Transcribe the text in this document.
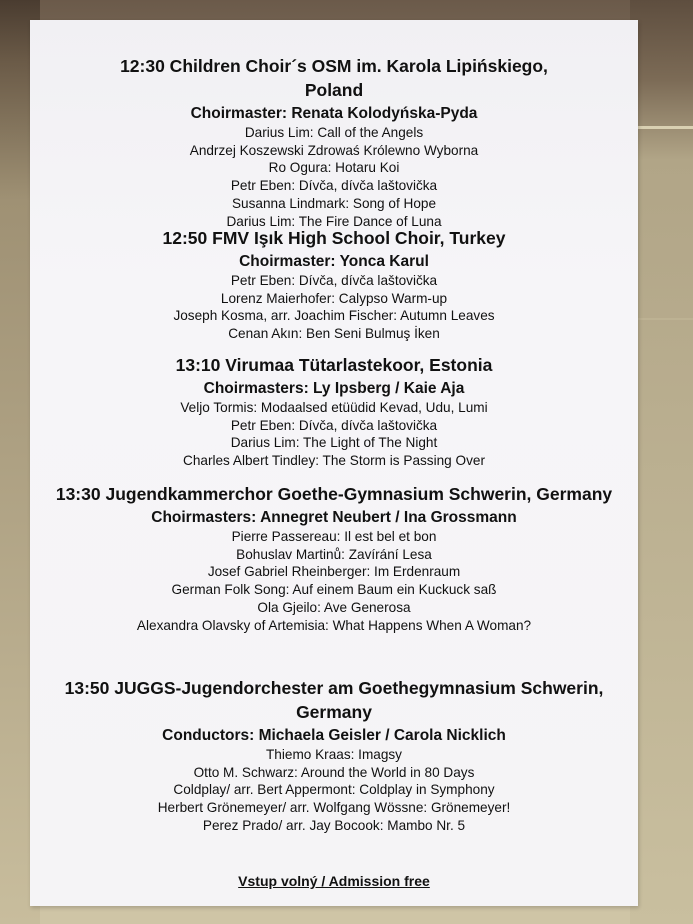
12:30 Children Choir´s OSM im. Karola Lipińskiego, Poland
Choirmaster: Renata Kolodyńska-Pyda
Darius Lim: Call of the Angels
Andrzej Koszewski Zdrowaś Królewno Wyborna
Ro Ogura: Hotaru Koi
Petr Eben: Dívča, dívča laštovička
Susanna Lindmark: Song of Hope
Darius Lim: The Fire Dance of Luna
12:50 FMV Işık High School Choir, Turkey
Choirmaster: Yonca Karul
Petr Eben: Dívča, dívča laštovička
Lorenz Maierhofer: Calypso Warm-up
Joseph Kosma, arr. Joachim Fischer: Autumn Leaves
Cenan Akın: Ben Seni Bulmuş İken
13:10 Virumaa Tütarlastekoor, Estonia
Choirmasters: Ly Ipsberg / Kaie Aja
Veljo Tormis: Modaalsed etüüdid Kevad, Udu, Lumi
Petr Eben: Dívča, dívča laštovička
Darius Lim: The Light of The Night
Charles Albert Tindley: The Storm is Passing Over
13:30 Jugendkammerchor Goethe-Gymnasium Schwerin, Germany
Choirmasters: Annegret Neubert / Ina Grossmann
Pierre Passereau: Il est bel et bon
Bohuslav Martinů: Zavírání Lesa
Josef Gabriel Rheinberger: Im Erdenraum
German Folk Song: Auf einem Baum ein Kuckuck saß
Ola Gjeilo: Ave Generosa
Alexandra Olavsky of Artemisia: What Happens When A Woman?
13:50 JUGGS-Jugendorchester am Goethegymnasium Schwerin, Germany
Conductors: Michaela Geisler / Carola Nicklich
Thiemo Kraas: Imagsy
Otto M. Schwarz: Around the World in 80 Days
Coldplay/ arr. Bert Appermont: Coldplay in Symphony
Herbert Grönemeyer/ arr. Wolfgang Wössne: Grönemeyer!
Perez Prado/ arr. Jay Bocook: Mambo Nr. 5
Vstup volný / Admission free
